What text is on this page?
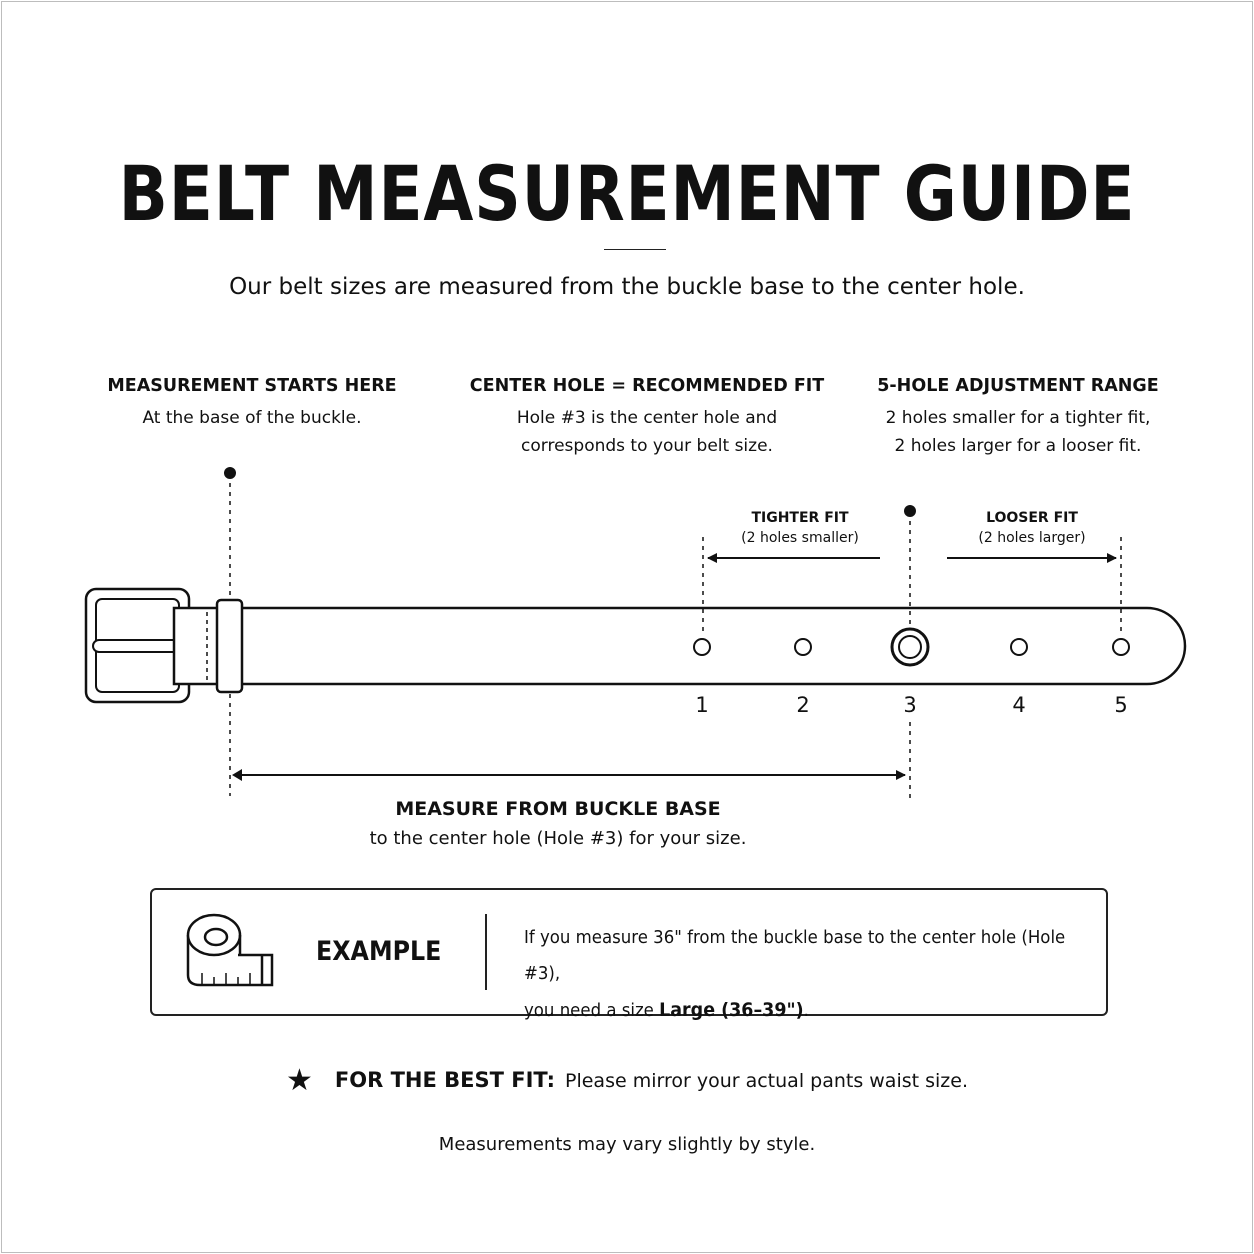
BELT MEASUREMENT GUIDE
Our belt sizes are measured from the buckle base to the center hole.
MEASUREMENT STARTS HERE
At the base of the buckle.
CENTER HOLE = RECOMMENDED FIT
Hole #3 is the center hole and
corresponds to your belt size.
5-HOLE ADJUSTMENT RANGE
2 holes smaller for a tighter fit,
2 holes larger for a looser fit.
TIGHTER FIT
(2 holes smaller)
LOOSER FIT
(2 holes larger)
1	2	3	4	5
MEASURE FROM BUCKLE BASE
to the center hole (Hole #3) for your size.
EXAMPLE	If you measure 36" from the buckle base to the center hole (Hole #3),
you need a size Large (36–39").
★ FOR THE BEST FIT: Please mirror your actual pants waist size.
Measurements may vary slightly by style.
